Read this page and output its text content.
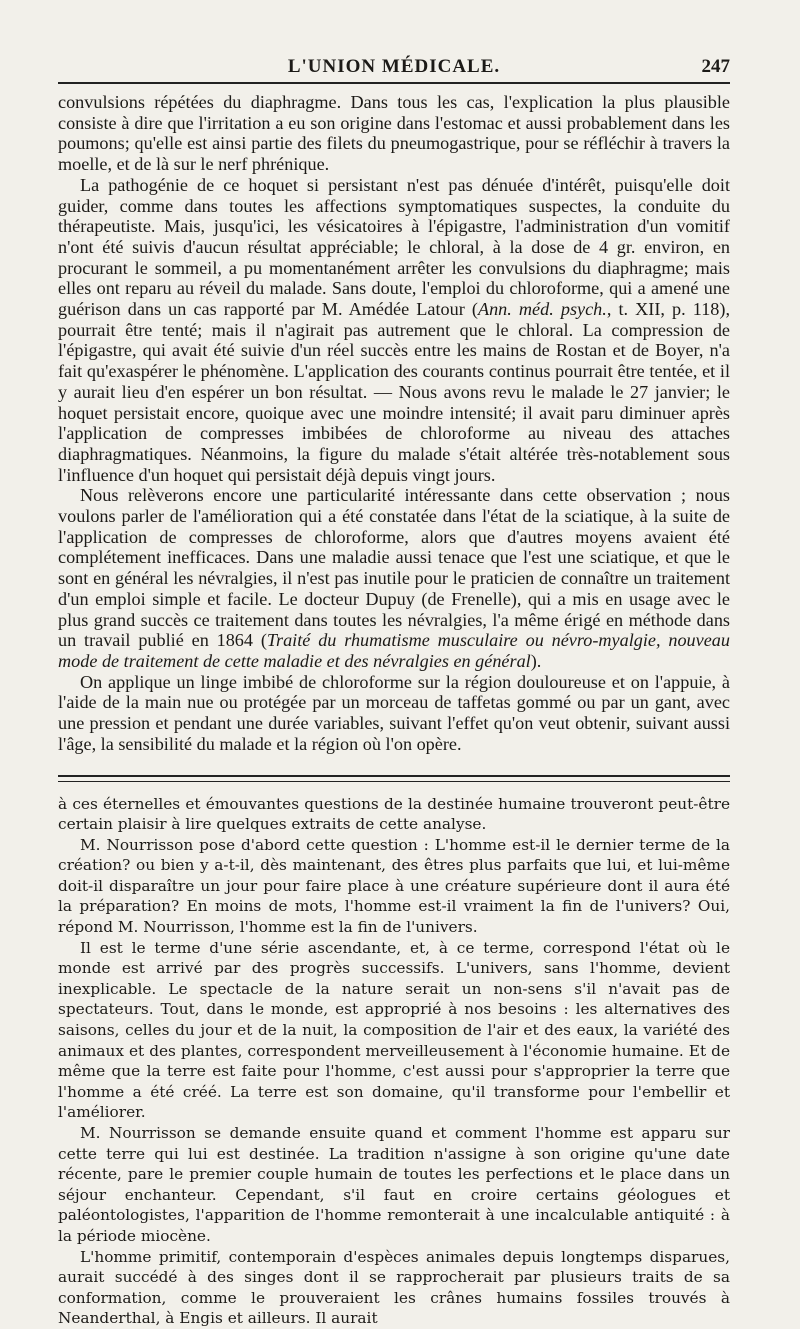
L'UNION MÉDICALE.	247

convulsions répétées du diaphragme. Dans tous les cas, l'explication la plus plausible consiste à dire que l'irritation a eu son origine dans l'estomac et aussi probablement dans les poumons; qu'elle est ainsi partie des filets du pneumogastrique, pour se réfléchir à travers la moelle, et de là sur le nerf phrénique.

La pathogénie de ce hoquet si persistant n'est pas dénuée d'intérêt, puisqu'elle doit guider, comme dans toutes les affections symptomatiques suspectes, la conduite du thérapeutiste. Mais, jusqu'ici, les vésicatoires à l'épigastre, l'administration d'un vomitif n'ont été suivis d'aucun résultat appréciable; le chloral, à la dose de 4 gr. environ, en procurant le sommeil, a pu momentanément arrêter les convulsions du diaphragme; mais elles ont reparu au réveil du malade. Sans doute, l'emploi du chloroforme, qui a amené une guérison dans un cas rapporté par M. Amédée Latour (Ann. méd. psych., t. XII, p. 118), pourrait être tenté; mais il n'agirait pas autrement que le chloral. La compression de l'épigastre, qui avait été suivie d'un réel succès entre les mains de Rostan et de Boyer, n'a fait qu'exaspérer le phénomène. L'application des courants continus pourrait être tentée, et il y aurait lieu d'en espérer un bon résultat. — Nous avons revu le malade le 27 janvier; le hoquet persistait encore, quoique avec une moindre intensité; il avait paru diminuer après l'application de compresses imbibées de chloroforme au niveau des attaches diaphragmatiques. Néanmoins, la figure du malade s'était altérée très-notablement sous l'influence d'un hoquet qui persistait déjà depuis vingt jours.

Nous relèverons encore une particularité intéressante dans cette observation ; nous voulons parler de l'amélioration qui a été constatée dans l'état de la sciatique, à la suite de l'application de compresses de chloroforme, alors que d'autres moyens avaient été complétement inefficaces. Dans une maladie aussi tenace que l'est une sciatique, et que le sont en général les névralgies, il n'est pas inutile pour le praticien de connaître un traitement d'un emploi simple et facile. Le docteur Dupuy (de Frenelle), qui a mis en usage avec le plus grand succès ce traitement dans toutes les névralgies, l'a même érigé en méthode dans un travail publié en 1864 (Traité du rhumatisme musculaire ou névro-myalgie, nouveau mode de traitement de cette maladie et des névralgies en général).

On applique un linge imbibé de chloroforme sur la région douloureuse et on l'appuie, à l'aide de la main nue ou protégée par un morceau de taffetas gommé ou par un gant, avec une pression et pendant une durée variables, suivant l'effet qu'on veut obtenir, suivant aussi l'âge, la sensibilité du malade et la région où l'on opère.

à ces éternelles et émouvantes questions de la destinée humaine trouveront peut-être certain plaisir à lire quelques extraits de cette analyse.

M. Nourrisson pose d'abord cette question : L'homme est-il le dernier terme de la création? ou bien y a-t-il, dès maintenant, des êtres plus parfaits que lui, et lui-même doit-il disparaître un jour pour faire place à une créature supérieure dont il aura été la préparation? En moins de mots, l'homme est-il vraiment la fin de l'univers? Oui, répond M. Nourrisson, l'homme est la fin de l'univers.

Il est le terme d'une série ascendante, et, à ce terme, correspond l'état où le monde est arrivé par des progrès successifs. L'univers, sans l'homme, devient inexplicable. Le spectacle de la nature serait un non-sens s'il n'avait pas de spectateurs. Tout, dans le monde, est approprié à nos besoins : les alternatives des saisons, celles du jour et de la nuit, la composition de l'air et des eaux, la variété des animaux et des plantes, correspondent merveilleusement à l'économie humaine. Et de même que la terre est faite pour l'homme, c'est aussi pour s'approprier la terre que l'homme a été créé. La terre est son domaine, qu'il transforme pour l'embellir et l'améliorer.

M. Nourrisson se demande ensuite quand et comment l'homme est apparu sur cette terre qui lui est destinée. La tradition n'assigne à son origine qu'une date récente, pare le premier couple humain de toutes les perfections et le place dans un séjour enchanteur. Cependant, s'il faut en croire certains géologues et paléontologistes, l'apparition de l'homme remonterait à une incalculable antiquité : à la période miocène.

L'homme primitif, contemporain d'espèces animales depuis longtemps disparues, aurait succédé à des singes dont il se rapprocherait par plusieurs traits de sa conformation, comme le prouveraient les crânes humains fossiles trouvés à Neanderthal, à Engis et ailleurs. Il aurait
